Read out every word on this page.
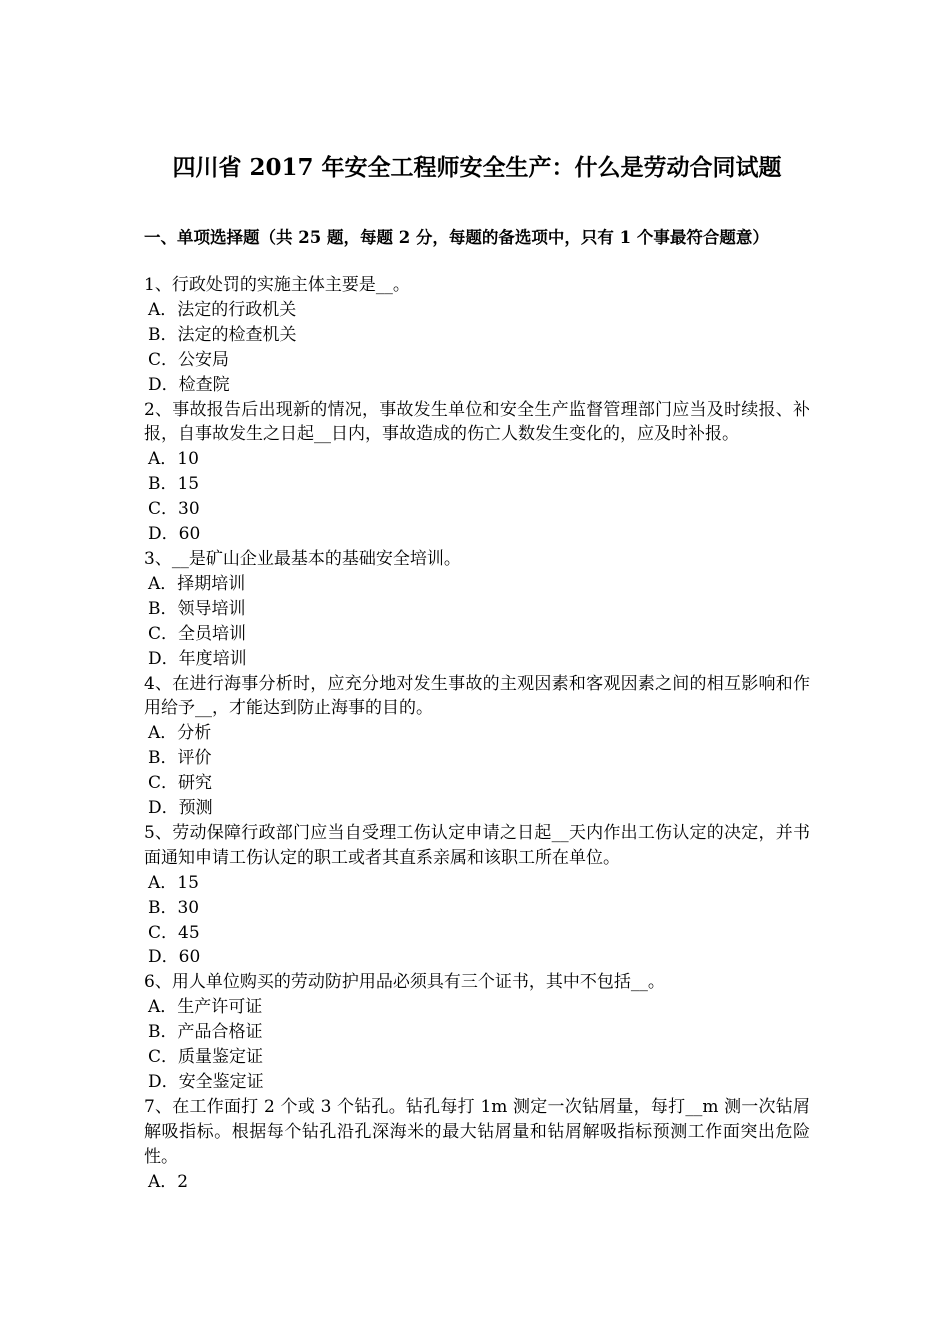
四川省 2017 年安全工程师安全生产：什么是劳动合同试题
一、单项选择题（共 25 题，每题 2 分，每题的备选项中，只有 1 个事最符合题意）

1、行政处罚的实施主体主要是__。

A．法定的行政机关

B．法定的检查机关

C．公安局

D．检查院

2、事故报告后出现新的情况，事故发生单位和安全生产监督管理部门应当及时续报、补报，自事故发生之日起__日内，事故造成的伤亡人数发生变化的，应及时补报。

A．10

B．15

C．30

D．60

3、__是矿山企业最基本的基础安全培训。

A．择期培训

B．领导培训

C．全员培训

D．年度培训

4、在进行海事分析时，应充分地对发生事故的主观因素和客观因素之间的相互影响和作用给予__，才能达到防止海事的目的。

A．分析

B．评价

C．研究

D．预测

5、劳动保障行政部门应当自受理工伤认定申请之日起__天内作出工伤认定的决定，并书面通知申请工伤认定的职工或者其直系亲属和该职工所在单位。

A．15

B．30

C．45

D．60

6、用人单位购买的劳动防护用品必须具有三个证书，其中不包括__。

A．生产许可证

B．产品合格证

C．质量鉴定证

D．安全鉴定证

7、在工作面打 2 个或 3 个钻孔。钻孔每打 1m 测定一次钻屑量，每打__m 测一次钻屑解吸指标。根据每个钻孔沿孔深海米的最大钻屑量和钻屑解吸指标预测工作面突出危险性。

A．2
